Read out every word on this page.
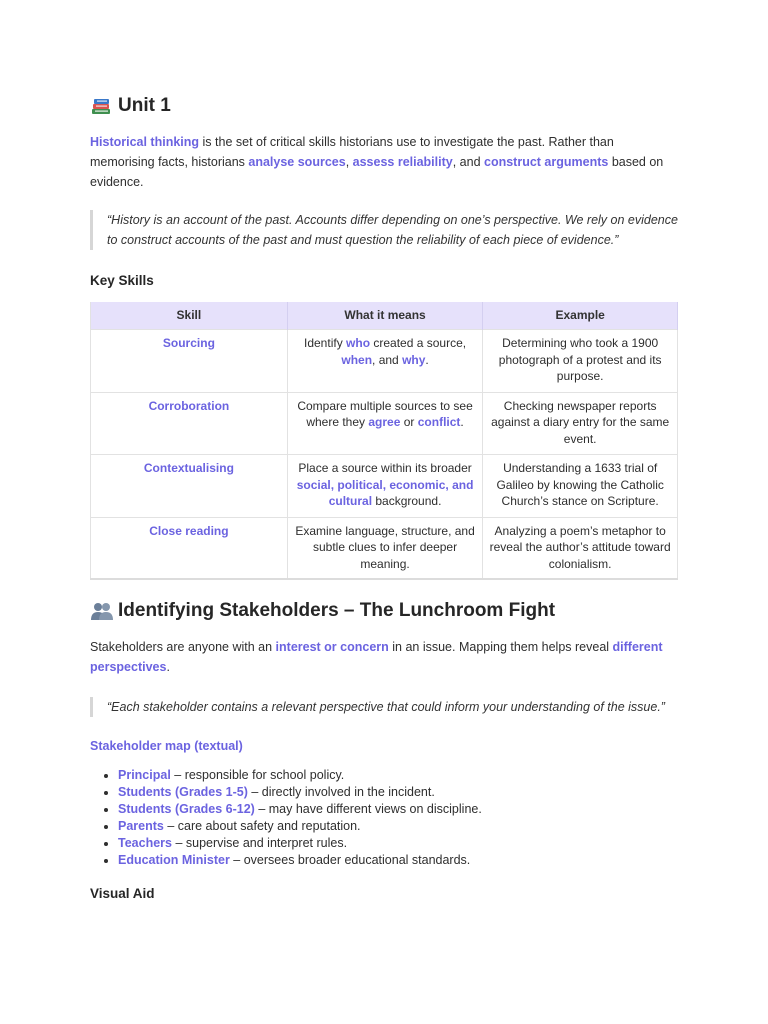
Unit 1

Historical thinking is the set of critical skills historians use to investigate the past. Rather than memorising facts, historians analyse sources, assess reliability, and construct arguments based on evidence.

“History is an account of the past. Accounts differ depending on one’s perspective. We rely on evidence to construct accounts of the past and must question the reliability of each piece of evidence.”
Key Skills
Skill	What it means	Example
Sourcing	Identify who created a source, when, and why.	Determining who took a 1900 photograph of a protest and its purpose.
Corroboration	Compare multiple sources to see where they agree or conflict.	Checking newspaper reports against a diary entry for the same event.
Contextualising	Place a source within its broader social, political, economic, and cultural background.	Understanding a 1633 trial of Galileo by knowing the Catholic Church’s stance on Scripture.
Close reading	Examine language, structure, and subtle clues to infer deeper meaning.	Analyzing a poem’s metaphor to reveal the author’s attitude toward colonialism.
Identifying Stakeholders – The Lunchroom Fight

Stakeholders are anyone with an interest or concern in an issue. Mapping them helps reveal different perspectives.

“Each stakeholder contains a relevant perspective that could inform your understanding of the issue.”
Stakeholder map (textual)
• Principal – responsible for school policy.
• Students (Grades 1-5) – directly involved in the incident.
• Students (Grades 6-12) – may have different views on discipline.
• Parents – care about safety and reputation.
• Teachers – supervise and interpret rules.
• Education Minister – oversees broader educational standards.
Visual Aid
